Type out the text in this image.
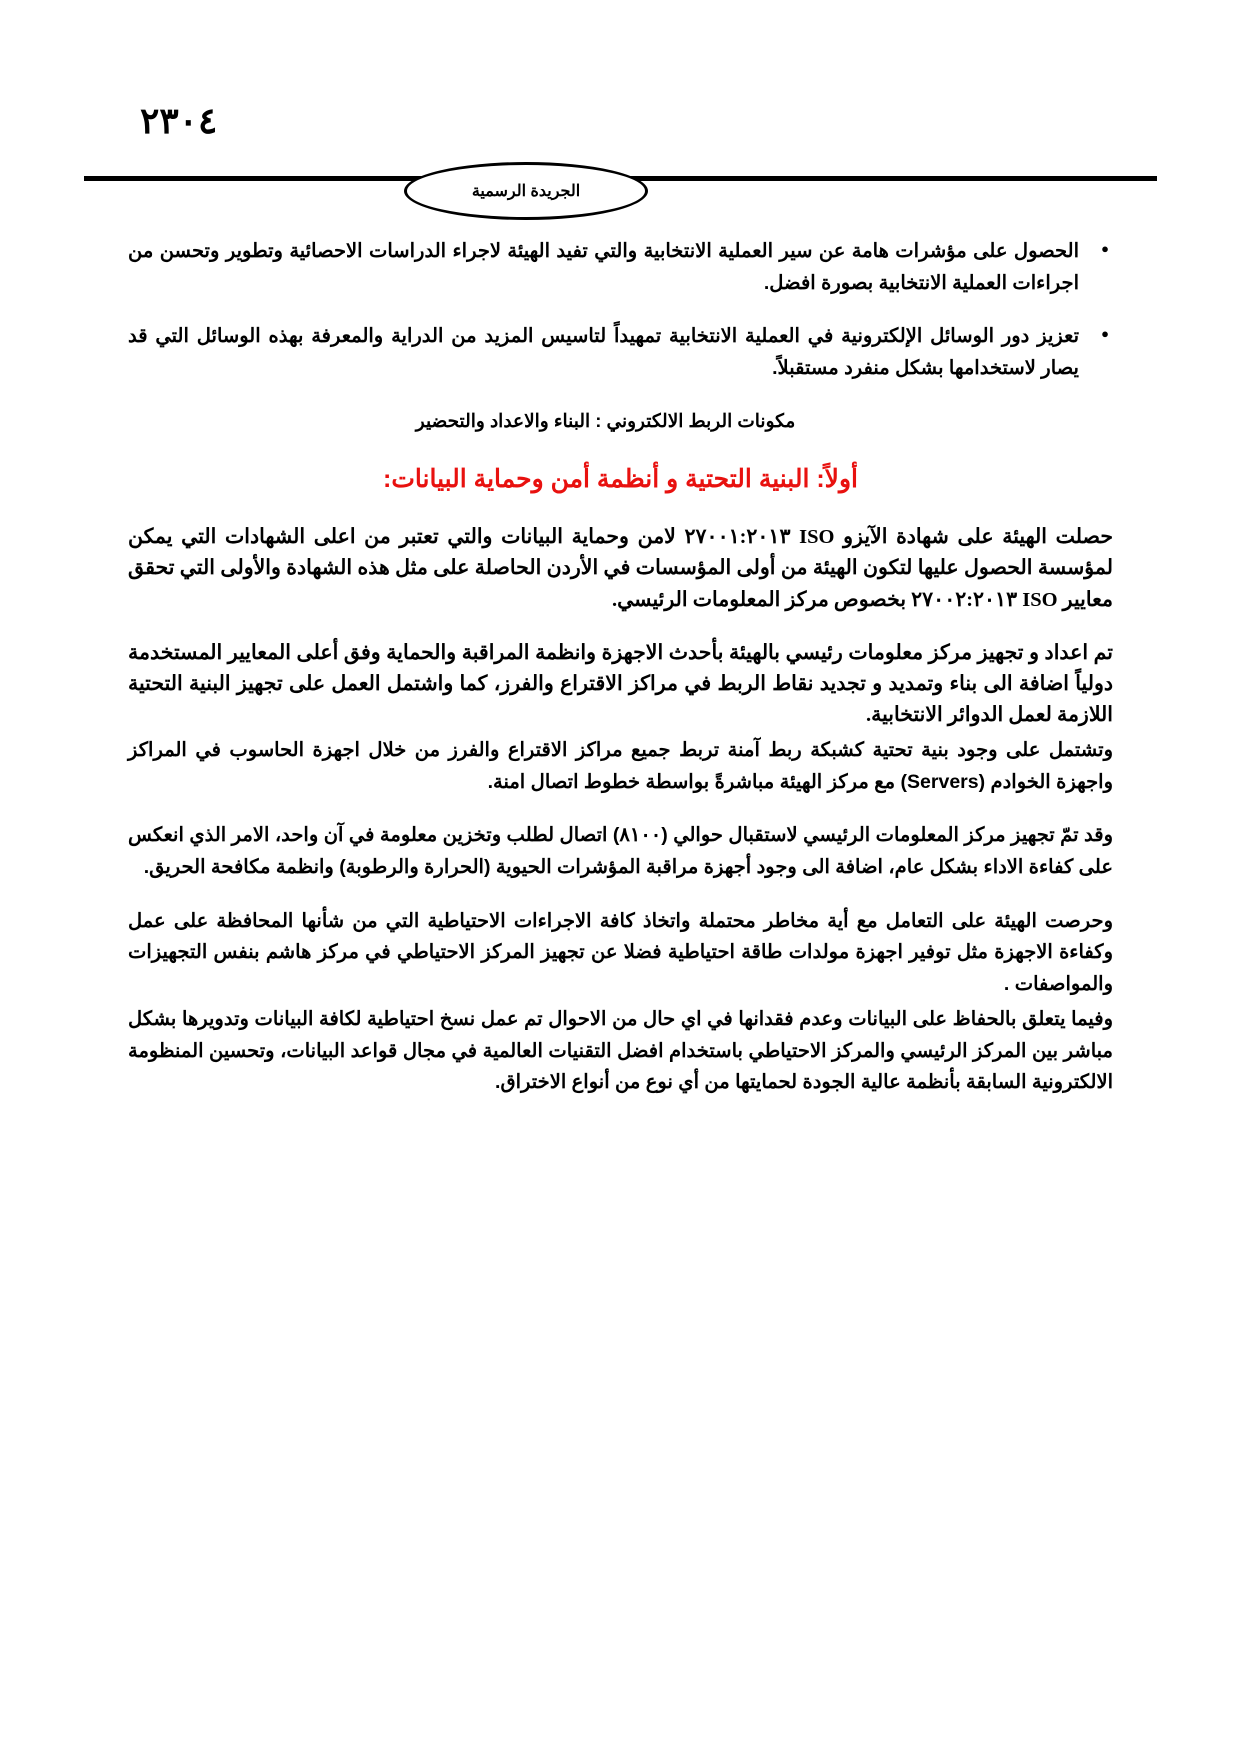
٢٣٠٤
الجريدة الرسمية
● الحصول على مؤشرات هامة عن سير العملية الانتخابية والتي تفيد الهيئة لاجراء الدراسات الاحصائية وتطوير وتحسن من اجراءات العملية الانتخابية بصورة افضل.
● تعزيز دور الوسائل الإلكترونية في العملية الانتخابية تمهيداً لتاسيس المزيد من الدراية والمعرفة بهذه الوسائل التي قد يصار لاستخدامها بشكل منفرد مستقبلاً.
مكونات الربط الالكتروني : البناء والاعداد والتحضير
أولاً: البنية التحتية و أنظمة أمن وحماية البيانات:

حصلت الهيئة على شهادة الآيزو ISO ٢٧٠٠١:٢٠١٣ لامن وحماية البيانات والتي تعتبر من اعلى الشهادات التي يمكن لمؤسسة الحصول عليها لتكون الهيئة من أولى المؤسسات في الأردن الحاصلة على مثل هذه الشهادة والأولى التي تحقق معايير ISO ٢٧٠٠٢:٢٠١٣ بخصوص مركز المعلومات الرئيسي.

تم اعداد و تجهيز مركز معلومات رئيسي بالهيئة بأحدث الاجهزة وانظمة المراقبة والحماية وفق أعلى المعايير المستخدمة دولياً اضافة الى بناء وتمديد و تجديد نقاط الربط في مراكز الاقتراع والفرز، كما واشتمل العمل على تجهيز البنية التحتية اللازمة لعمل الدوائر الانتخابية.

وتشتمل على وجود بنية تحتية كشبكة ربط آمنة تربط جميع مراكز الاقتراع والفرز من خلال اجهزة الحاسوب في المراكز واجهزة الخوادم (Servers) مع مركز الهيئة مباشرةً بواسطة خطوط اتصال امنة.

وقد تمّ تجهيز مركز المعلومات الرئيسي لاستقبال حوالي (٨١٠٠) اتصال لطلب وتخزين معلومة في آن واحد، الامر الذي انعكس على كفاءة الاداء بشكل عام، اضافة الى وجود أجهزة مراقبة المؤشرات الحيوية (الحرارة والرطوبة) وانظمة مكافحة الحريق.

وحرصت الهيئة على التعامل مع أية مخاطر محتملة واتخاذ كافة الاجراءات الاحتياطية التي من شأنها المحافظة على عمل وكفاءة الاجهزة مثل توفير اجهزة مولدات طاقة احتياطية فضلا عن تجهيز المركز الاحتياطي في مركز هاشم بنفس التجهيزات والمواصفات .

وفيما يتعلق بالحفاظ على البيانات وعدم فقدانها في اي حال من الاحوال تم عمل نسخ احتياطية لكافة البيانات وتدويرها بشكل مباشر بين المركز الرئيسي والمركز الاحتياطي باستخدام افضل التقنيات العالمية في مجال قواعد البيانات، وتحسين المنظومة الالكترونية السابقة بأنظمة عالية الجودة لحمايتها من أي نوع من أنواع الاختراق.
